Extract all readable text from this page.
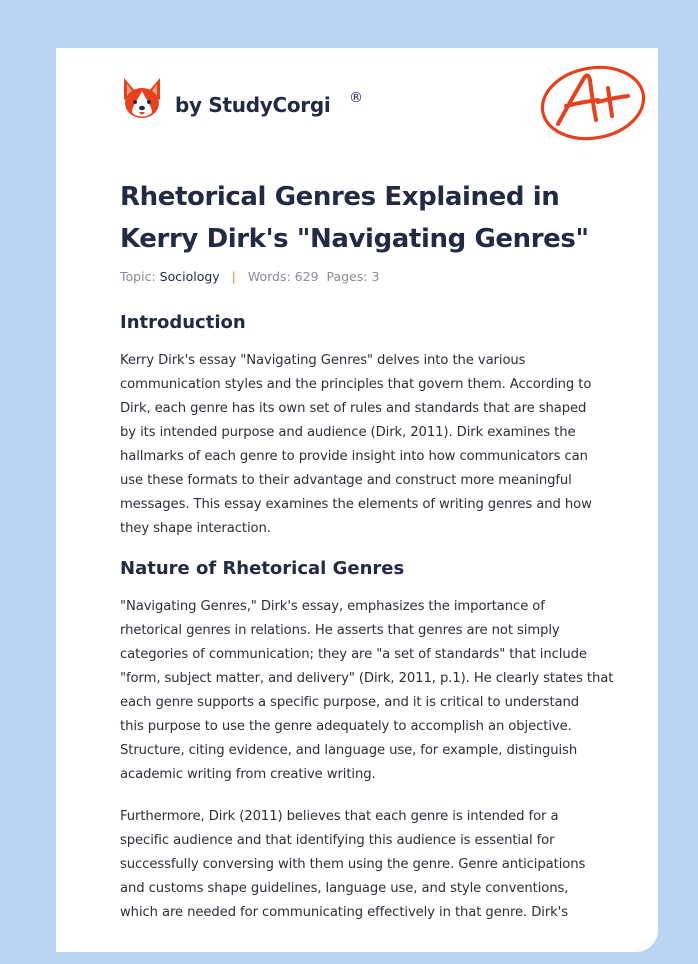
by StudyCorgi ®
Rhetorical Genres Explained in
Kerry Dirk's "Navigating Genres"
Topic: Sociology | Words: 629 Pages: 3
Introduction

Kerry Dirk's essay "Navigating Genres" delves into the various
communication styles and the principles that govern them. According to
Dirk, each genre has its own set of rules and standards that are shaped
by its intended purpose and audience (Dirk, 2011). Dirk examines the
hallmarks of each genre to provide insight into how communicators can
use these formats to their advantage and construct more meaningful
messages. This essay examines the elements of writing genres and how
they shape interaction.

Nature of Rhetorical Genres

"Navigating Genres," Dirk's essay, emphasizes the importance of
rhetorical genres in relations. He asserts that genres are not simply
categories of communication; they are "a set of standards" that include
"form, subject matter, and delivery" (Dirk, 2011, p.1). He clearly states that
each genre supports a specific purpose, and it is critical to understand
this purpose to use the genre adequately to accomplish an objective.
Structure, citing evidence, and language use, for example, distinguish
academic writing from creative writing.

Furthermore, Dirk (2011) believes that each genre is intended for a
specific audience and that identifying this audience is essential for
successfully conversing with them using the genre. Genre anticipations
and customs shape guidelines, language use, and style conventions,
which are needed for communicating effectively in that genre. Dirk's
